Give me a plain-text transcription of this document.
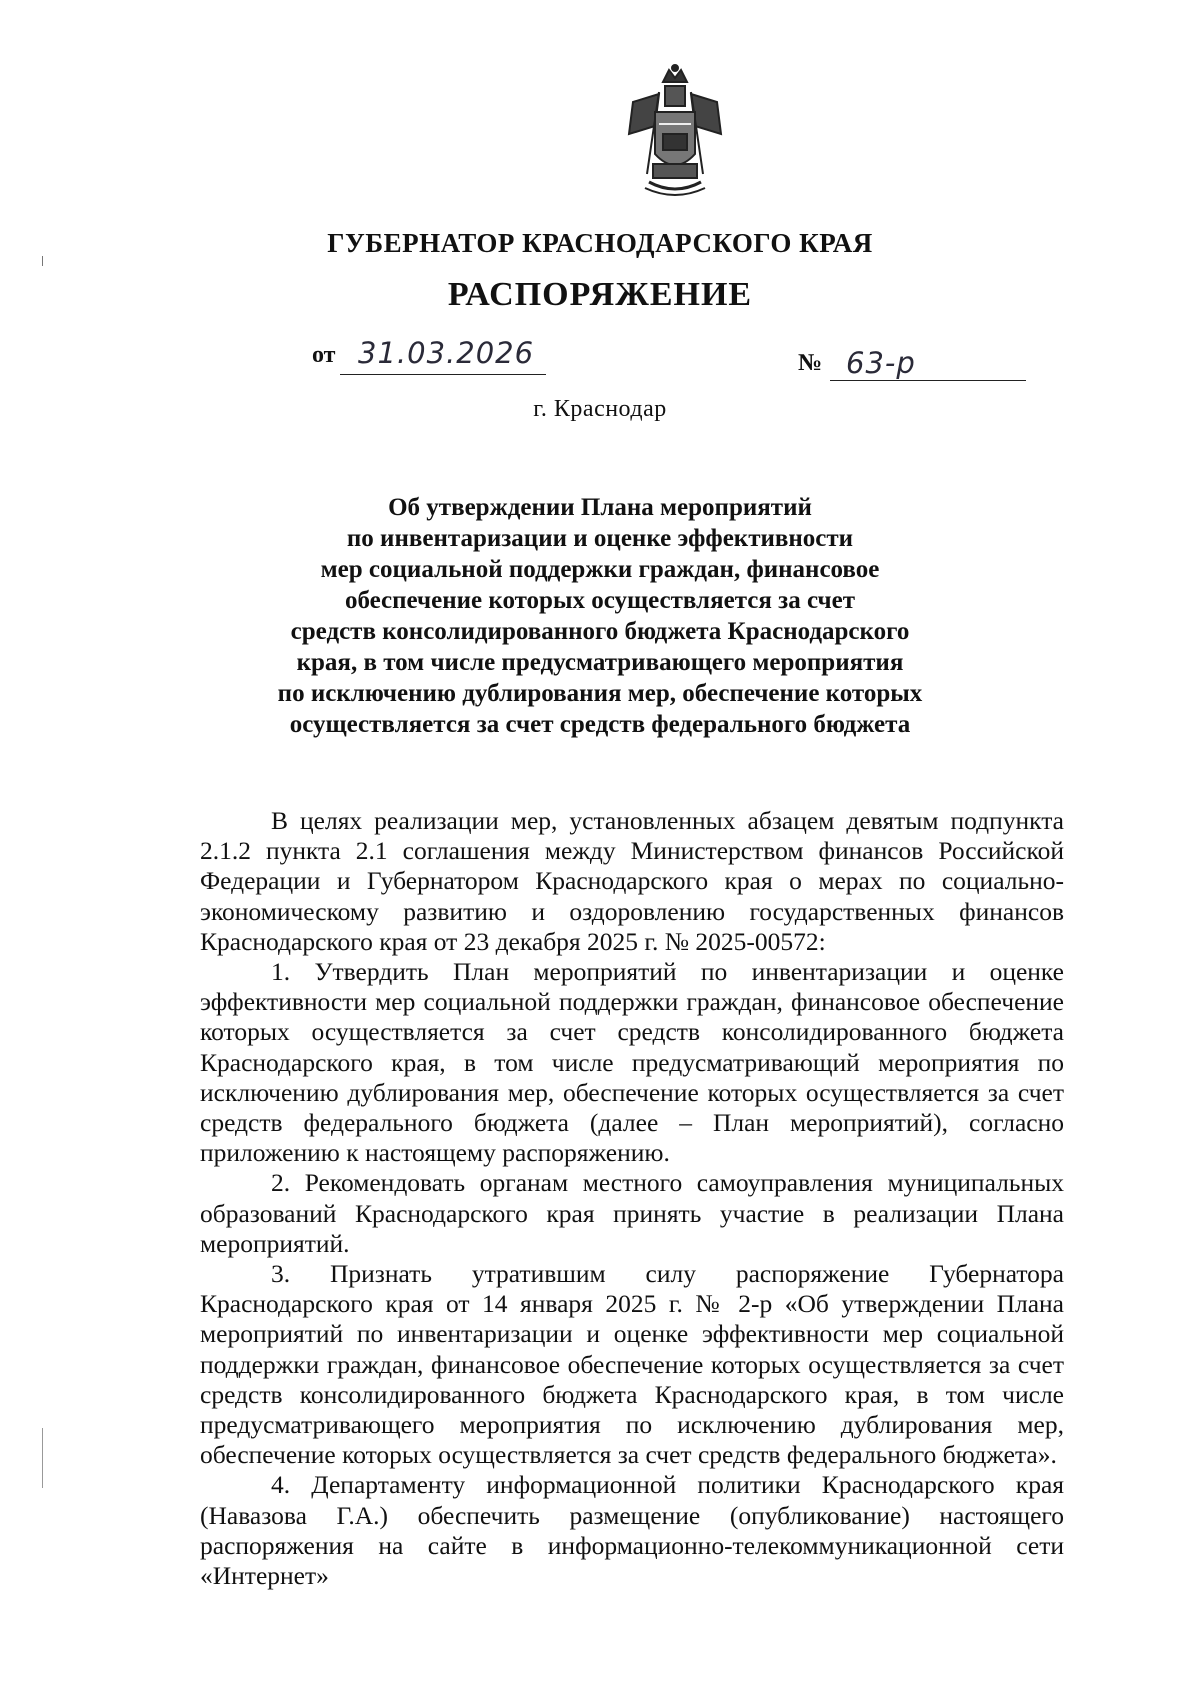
ГУБЕРНАТОР КРАСНОДАРСКОГО КРАЯ
РАСПОРЯЖЕНИЕ
от 31.03.2026	№ 63-р
г. Краснодар
Об утверждении Плана мероприятий
по инвентаризации и оценке эффективности
мер социальной поддержки граждан, финансовое
обеспечение которых осуществляется за счет
средств консолидированного бюджета Краснодарского
края, в том числе предусматривающего мероприятия
по исключению дублирования мер, обеспечение которых
осуществляется за счет средств федерального бюджета

В целях реализации мер, установленных абзацем девятым подпункта 2.1.2 пункта 2.1 соглашения между Министерством финансов Российской Федерации и Губернатором Краснодарского края о мерах по социально-экономическому развитию и оздоровлению государственных финансов Краснодарского края от 23 декабря 2025 г. № 2025-00572:

1. Утвердить План мероприятий по инвентаризации и оценке эффективности мер социальной поддержки граждан, финансовое обеспечение которых осуществляется за счет средств консолидированного бюджета Краснодарского края, в том числе предусматривающий мероприятия по исключению дублирования мер, обеспечение которых осуществляется за счет средств федерального бюджета (далее – План мероприятий), согласно приложению к настоящему распоряжению.

2. Рекомендовать органам местного самоуправления муниципальных образований Краснодарского края принять участие в реализации Плана мероприятий.

3. Признать утратившим силу распоряжение Губернатора Краснодарского края от 14 января 2025 г. № 2-р «Об утверждении Плана мероприятий по инвентаризации и оценке эффективности мер социальной поддержки граждан, финансовое обеспечение которых осуществляется за счет средств консолидированного бюджета Краснодарского края, в том числе предусматривающего мероприятия по исключению дублирования мер, обеспечение которых осуществляется за счет средств федерального бюджета».

4. Департаменту информационной политики Краснодарского края (Навазова Г.А.) обеспечить размещение (опубликование) настоящего распоряжения на сайте в информационно-телекоммуникационной сети «Интернет»
